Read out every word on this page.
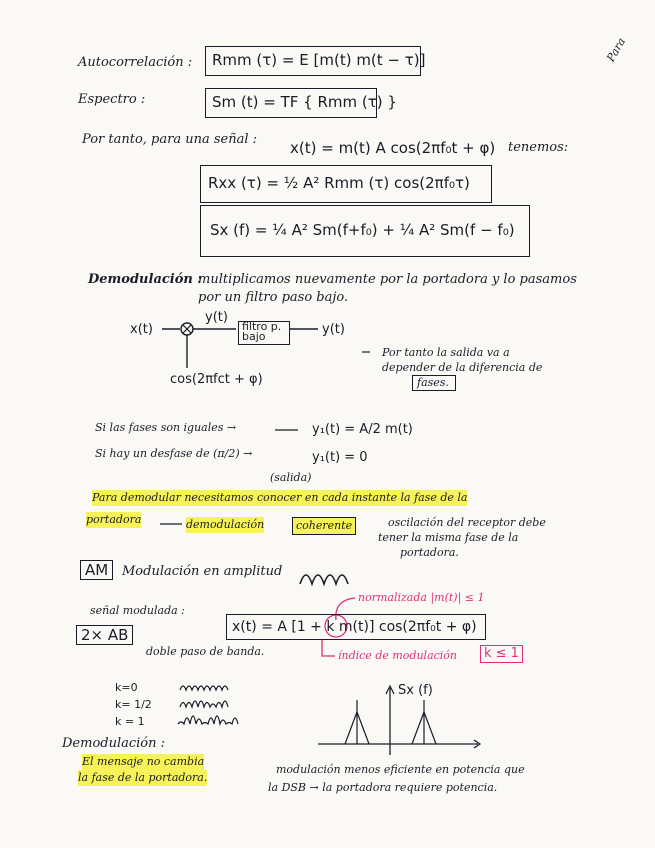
Autocorrelación : Rmm (τ) = E [m(t) m(t − τ)]
Espectro :	Sm (t) = TF { Rmm (τ) }
Por tanto, para una señal : x(t) = m(t) A cos(2πf₀t + φ) tenemos:
Rxx (τ) = ½ A² Rmm (τ) cos(2πf₀τ)
Sx (f) = ¼ A² Sm(f+f₀) + ¼ A² Sm(f − f₀)
Demodulación :
multiplicamos nuevamente por la portadora y lo pasamos
por un filtro paso bajo.
x(t)
y(t)
filtro p. bajo	y(t)
cos(2πfct + φ)
Por tanto la salida va a
depender de la diferencia de
fases.
Si las fases son iguales →	y₁(t) = A/2 m(t)
Si hay un desfase de (π/2) →	y₁(t) = 0
(salida)
Para demodular necesitamos conocer en cada instante la fase de la
portadora	demodulación	coherente	oscilación del receptor debe
tener la misma fase de la
portadora.
AM	Modulación en amplitud
señal modulada :
x(t) = A [1 + k m(t)] cos(2πf₀t + φ)
normalizada |m(t)| ≤ 1
índice de modulación	k ≤ 1
2× AB
doble paso de banda.
k=0
k= 1/2
k = 1
Sx (f)
Demodulación :
El mensaje no cambia
la fase de la portadora.
modulación menos eficiente en potencia que
la DSB → la portadora requiere potencia.
Para
